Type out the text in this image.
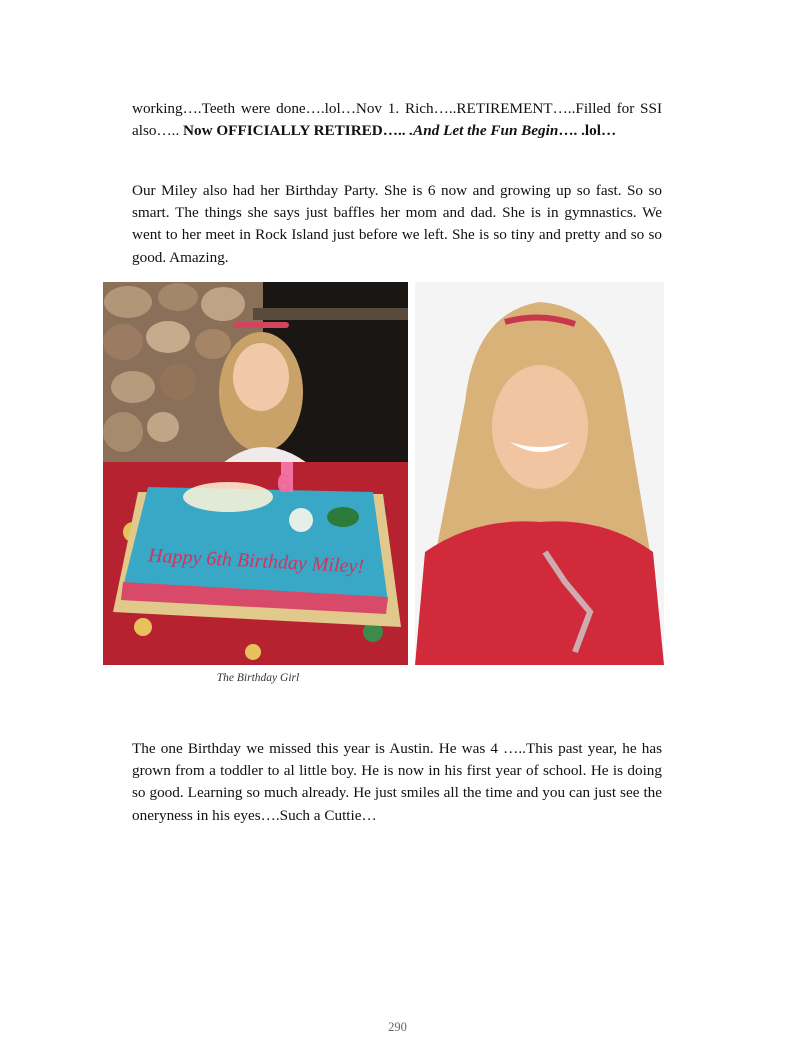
working….Teeth were done….lol…Nov 1. Rich…..RETIREMENT…..Filled for SSI also….. Now OFFICIALLY RETIRED….. .And Let the Fun Begin…. .lol…
Our Miley also had her Birthday Party. She is 6 now and growing up so fast. So so smart. The things she says just baffles her mom and dad. She is in gymnastics. We went to her meet in Rock Island just before we left. She is so tiny and pretty and so so good. Amazing.
Happy 6th Birthday Miley!
6
The Birthday Girl
The one Birthday we missed this year is Austin. He was 4 …..This past year, he has grown from a toddler to al little boy. He is now in his first year of school. He is doing so good. Learning so much already. He just smiles all the time and you can just see the oneryness in his eyes….Such a Cuttie…
290
